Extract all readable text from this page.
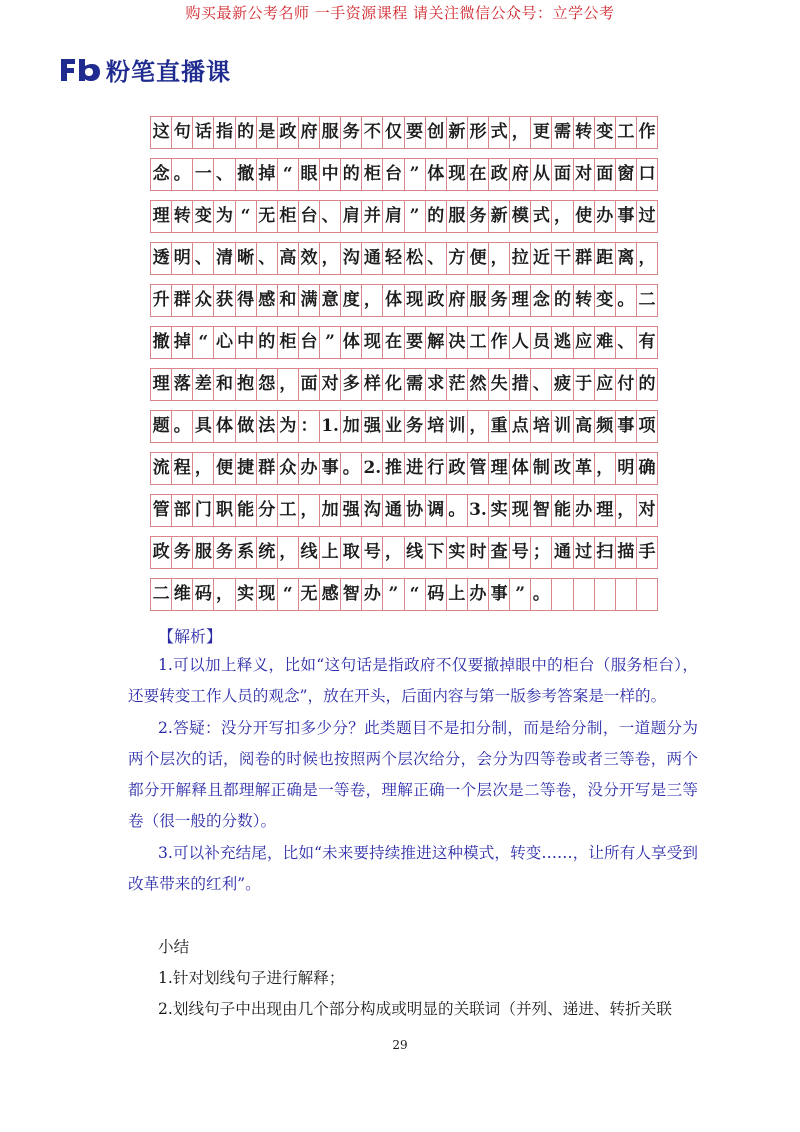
购买最新公考名师 一手资源课程 请关注微信公众号：立学公考
粉笔直播课
这 句 话 指 的 是 政 府 服 务 不 仅 要 创 新 形 式 ， 更 需 转 变 工 作
念 。 一 、 撤 掉 “ 眼 中 的 柜 台 ” 体 现 在 政 府 从 面 对 面 窗 口
理 转 变 为 “ 无 柜 台 、 肩 并 肩 ” 的 服 务 新 模 式 ， 使 办 事 过
透 明 、 清 晰 、 高 效 ， 沟 通 轻 松 、 方 便 ， 拉 近 干 群 距 离 ，
升 群 众 获 得 感 和 满 意 度 ， 体 现 政 府 服 务 理 念 的 转 变 。 二
撤 掉 “ 心 中 的 柜 台 ” 体 现 在 要 解 决 工 作 人 员 逃 应 难 、 有
理 落 差 和 抱 怨 ， 面 对 多 样 化 需 求 茫 然 失 措 、 疲 于 应 付 的
题 。 具 体 做 法 为 ： 1. 加 强 业 务 培 训 ， 重 点 培 训 高 频 事 项
流 程 ， 便 捷 群 众 办 事 。 2. 推 进 行 政 管 理 体 制 改 革 ， 明 确
管 部 门 职 能 分 工 ， 加 强 沟 通 协 调 。 3. 实 现 智 能 办 理 ， 对
政 务 服 务 系 统 ， 线 上 取 号 ， 线 下 实 时 查 号 ； 通 过 扫 描 手
二 维 码 ， 实 现 “ 无 感 智 办 ” “ 码 上 办 事 ” 。
【解析】

1.可以加上释义，比如“这句话是指政府不仅要撤掉眼中的柜台（服务柜台），还要转变工作人员的观念”，放在开头，后面内容与第一版参考答案是一样的。

2.答疑：没分开写扣多少分？此类题目不是扣分制，而是给分制，一道题分为两个层次的话，阅卷的时候也按照两个层次给分，会分为四等卷或者三等卷，两个都分开解释且都理解正确是一等卷，理解正确一个层次是二等卷，没分开写是三等卷（很一般的分数）。

3.可以补充结尾，比如“未来要持续推进这种模式，转变……，让所有人享受到改革带来的红利”。

小结

1.针对划线句子进行解释；

2.划线句子中出现由几个部分构成或明显的关联词（并列、递进、转折关联

29
